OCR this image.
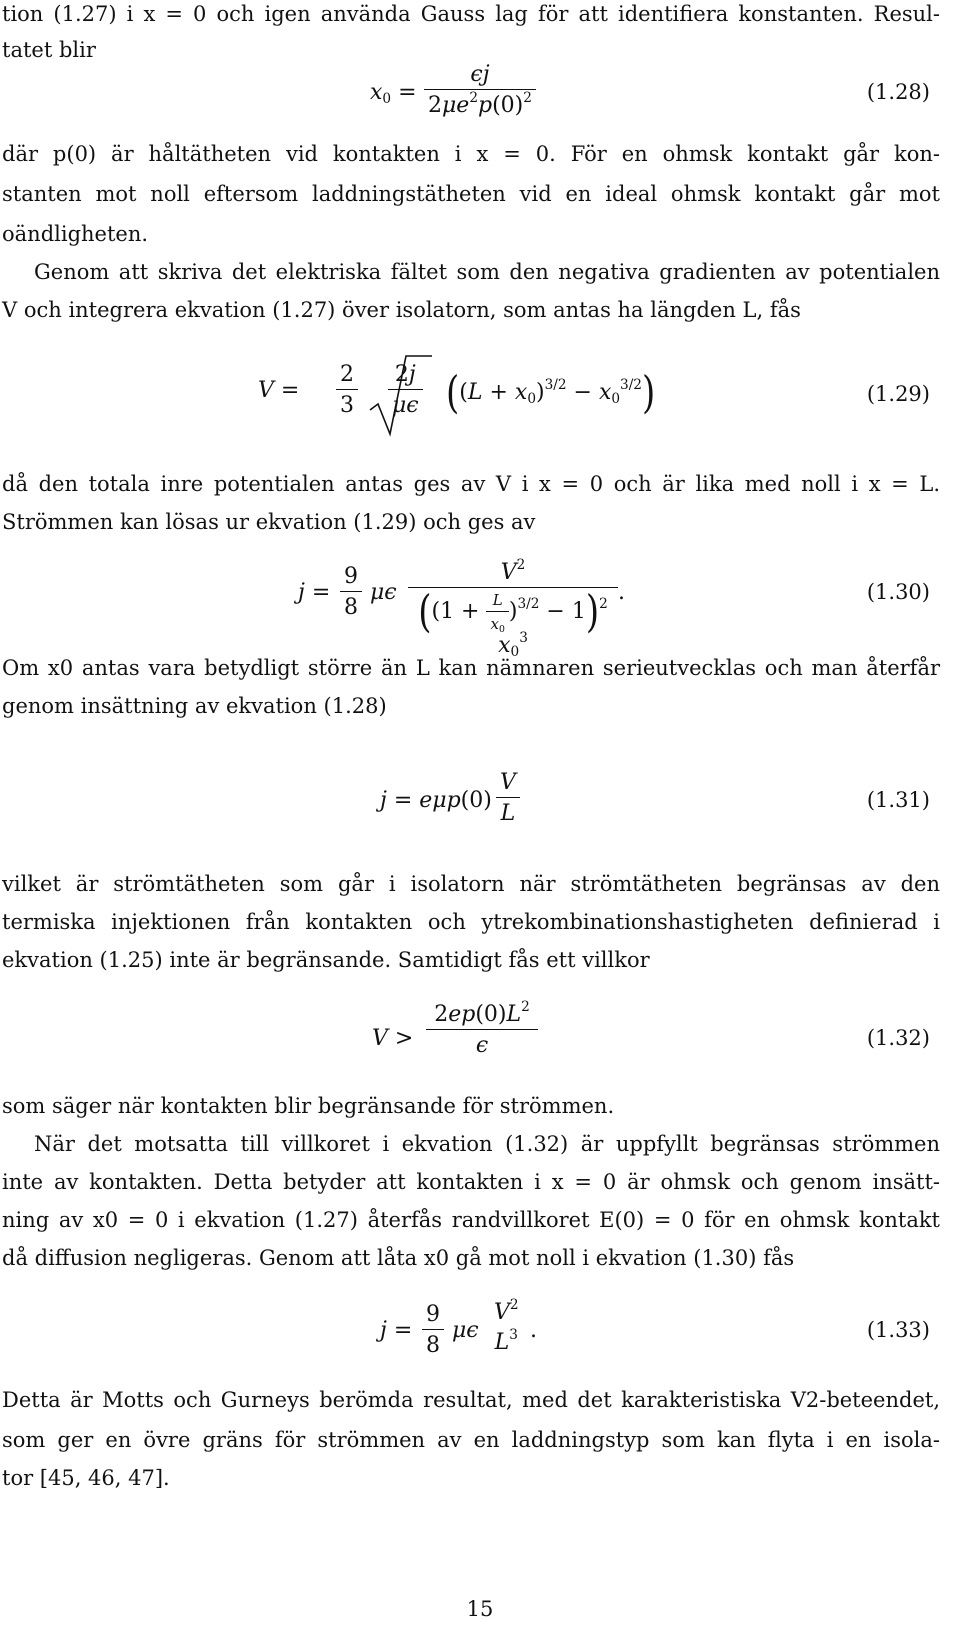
tion (1.27) i x = 0 och igen använda Gauss lag för att identifiera konstanten. Resul-
tatet blir
$x_0 = \frac{\epsilon j}{2\mu e^2p(0)^2}$	(1.28)
där p(0) är håltätheten vid kontakten i x = 0. För en ohmsk kontakt går kon-
stanten mot noll eftersom laddningstätheten vid en ideal ohmsk kontakt går mot
oändligheten.
Genom att skriva det elektriska fältet som den negativa gradienten av potentialen
V och integrera ekvation (1.27) över isolatorn, som antas ha längden L, fås
$V = \frac{2}{3} \frac{2j}{\mu\epsilon} ((L + x_0)^{3/2} - x_0^{3/2})$	(1.29)
då den totala inre potentialen antas ges av V i x = 0 och är lika med noll i x = L.
Strömmen kan lösas ur ekvation (1.29) och ges av
$j = \frac{9}{8}$ μϵ $\frac{V^2}{((1 + \frac{L}{x_0} )^{3/2} - 1)^2 x_0^3}$ .	(1.30)
Om x0 antas vara betydligt större än L kan nämnaren serieutvecklas och man återfår
genom insättning av ekvation (1.28)
$j = e\mu p(0) \frac{V}{L}$	(1.31)
vilket är strömtätheten som går i isolatorn när strömtätheten begränsas av den
termiska injektionen från kontakten och ytrekombinationshastigheten definierad i
ekvation (1.25) inte är begränsande. Samtidigt fås ett villkor
$V > \frac{2ep(0)L^2}{\epsilon}$	(1.32)
som säger när kontakten blir begränsande för strömmen.
När det motsatta till villkoret i ekvation (1.32) är uppfyllt begränsas strömmen
inte av kontakten. Detta betyder att kontakten i x = 0 är ohmsk och genom insätt-
ning av x0 = 0 i ekvation (1.27) återfås randvillkoret E(0) = 0 för en ohmsk kontakt
då diffusion negligeras. Genom att låta x0 gå mot noll i ekvation (1.30) fås
$j = \frac{9}{8}$ μϵ
$V^2$
$L^3$ .	(1.33)
Detta är Motts och Gurneys berömda resultat, med det karakteristiska V2-beteendet,
som ger en övre gräns för strömmen av en laddningstyp som kan flyta i en isola-
tor [45, 46, 47].
15
